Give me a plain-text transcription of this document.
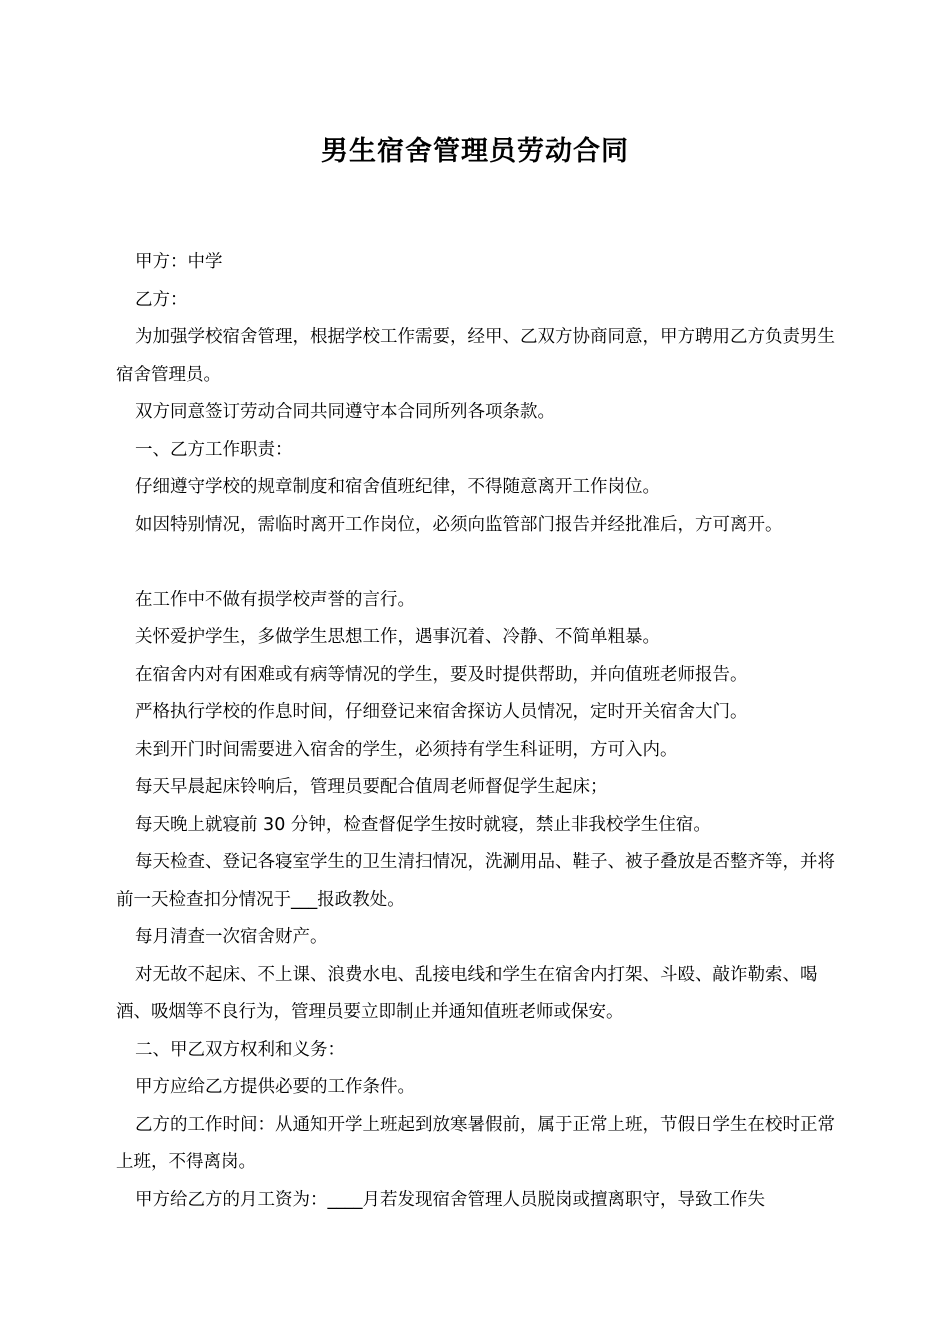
男生宿舍管理员劳动合同

甲方：中学

乙方：

为加强学校宿舍管理，根据学校工作需要，经甲、乙双方协商同意，甲方聘用乙方负责男生宿舍管理员。

双方同意签订劳动合同共同遵守本合同所列各项条款。

一、乙方工作职责：

仔细遵守学校的规章制度和宿舍值班纪律，不得随意离开工作岗位。

如因特别情况，需临时离开工作岗位，必须向监管部门报告并经批准后，方可离开。

在工作中不做有损学校声誉的言行。

关怀爱护学生，多做学生思想工作，遇事沉着、冷静、不简单粗暴。

在宿舍内对有困难或有病等情况的学生，要及时提供帮助，并向值班老师报告。

严格执行学校的作息时间，仔细登记来宿舍探访人员情况，定时开关宿舍大门。

未到开门时间需要进入宿舍的学生，必须持有学生科证明，方可入内。

每天早晨起床铃响后，管理员要配合值周老师督促学生起床；

每天晚上就寝前 30 分钟，检查督促学生按时就寝，禁止非我校学生住宿。

每天检查、登记各寝室学生的卫生清扫情况，洗涮用品、鞋子、被子叠放是否整齐等，并将前一天检查扣分情况于___报政教处。

每月清查一次宿舍财产。

对无故不起床、不上课、浪费水电、乱接电线和学生在宿舍内打架、斗殴、敲诈勒索、喝酒、吸烟等不良行为，管理员要立即制止并通知值班老师或保安。

二、甲乙双方权利和义务：

甲方应给乙方提供必要的工作条件。

乙方的工作时间：从通知开学上班起到放寒暑假前，属于正常上班，节假日学生在校时正常上班，不得离岗。

甲方给乙方的月工资为：____月若发现宿舍管理人员脱岗或擅离职守，导致工作失
